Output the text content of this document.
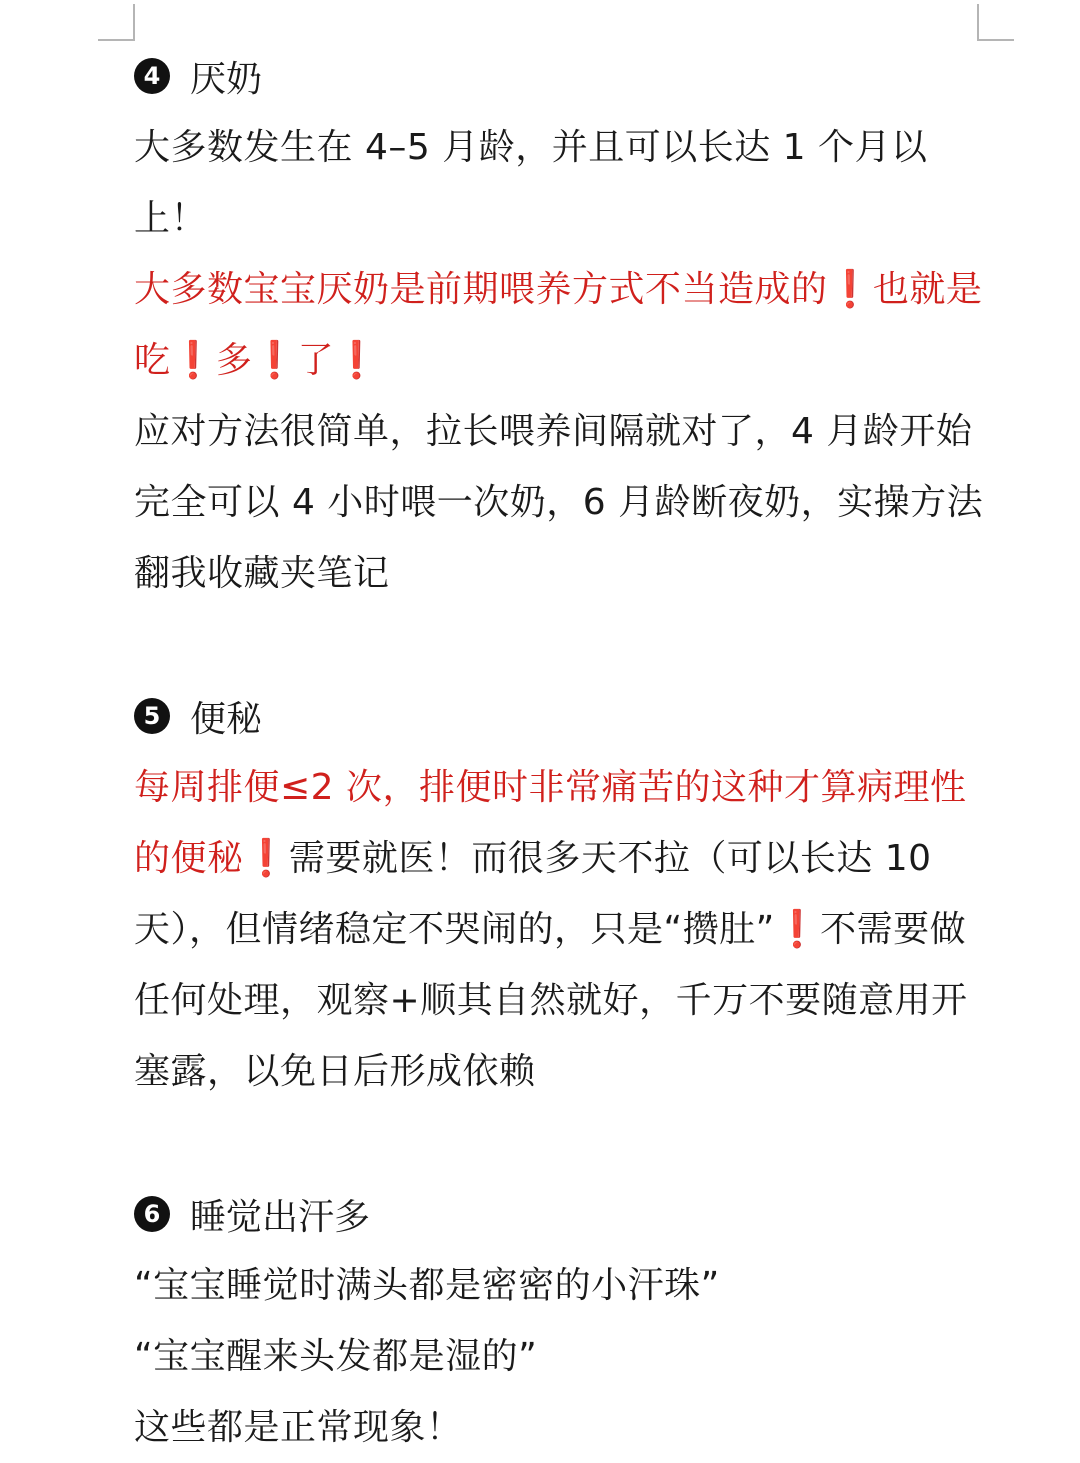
4 厌奶

大多数发生在 4–5 月龄，并且可以长达 1 个月以上！

大多数宝宝厌奶是前期喂养方式不当造成的❗️也就是吃❗️多❗️了❗️

应对方法很简单，拉长喂养间隔就对了，4 月龄开始完全可以 4 小时喂一次奶，6 月龄断夜奶，实操方法翻我收藏夹笔记

5 便秘

每周排便≤2 次，排便时非常痛苦的这种才算病理性的便秘❗️需要就医！而很多天不拉（可以长达 10 天），但情绪稳定不哭闹的，只是“攒肚”❗️不需要做任何处理，观察+顺其自然就好，千万不要随意用开塞露，以免日后形成依赖

6 睡觉出汗多

“宝宝睡觉时满头都是密密的小汗珠”

“宝宝醒来头发都是湿的”

这些都是正常现象！
